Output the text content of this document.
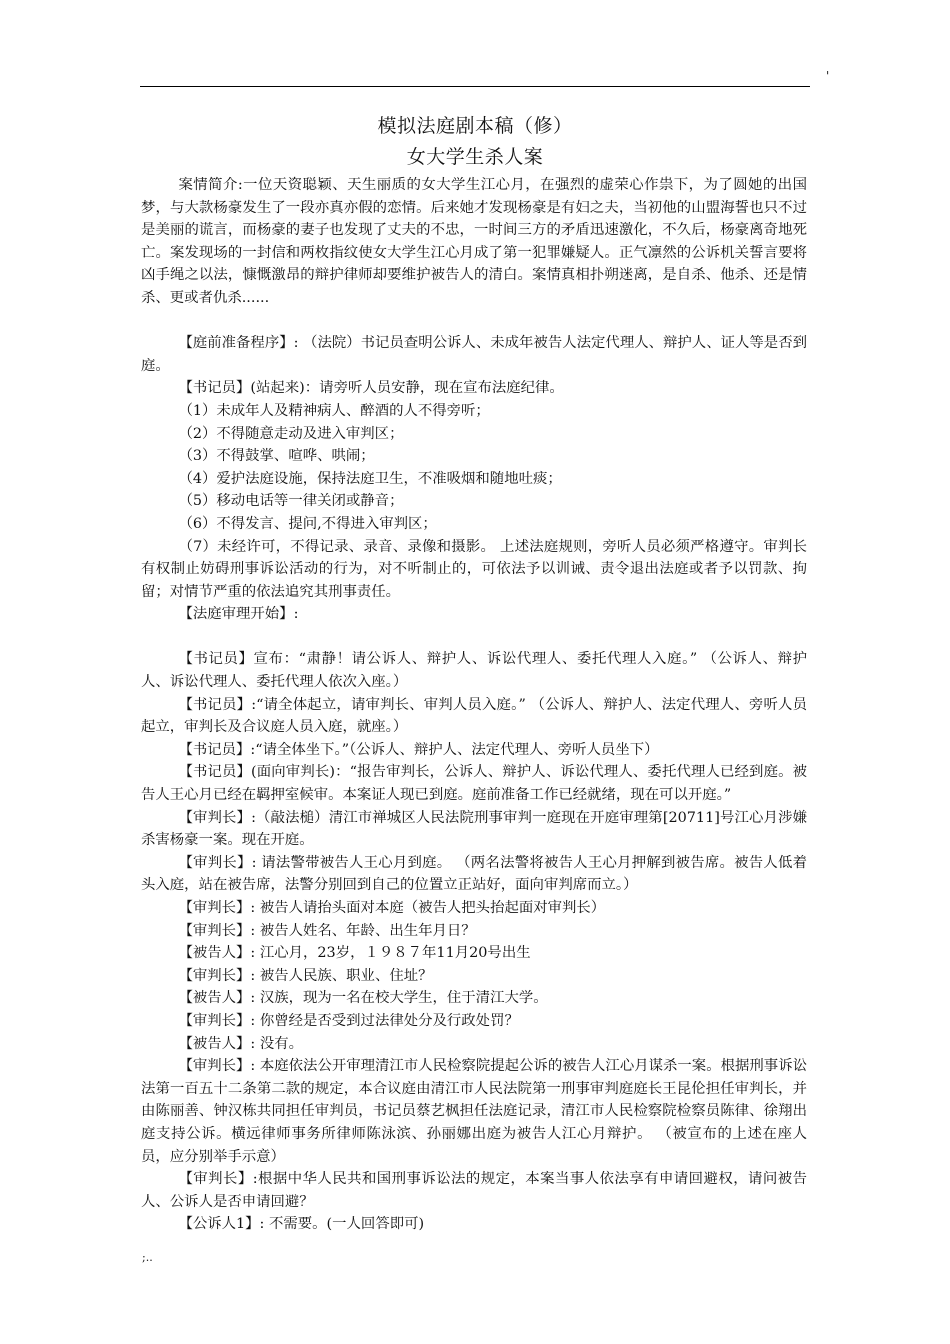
'
模拟法庭剧本稿（修）
女大学生杀人案

案情简介:一位天资聪颖、天生丽质的女大学生江心月，在强烈的虚荣心作祟下，为了圆她的出国梦，与大款杨豪发生了一段亦真亦假的恋情。后来她才发现杨豪是有妇之夫，当初他的山盟海誓也只不过是美丽的谎言，而杨豪的妻子也发现了丈夫的不忠，一时间三方的矛盾迅速激化，不久后，杨豪离奇地死亡。案发现场的一封信和两枚指纹使女大学生江心月成了第一犯罪嫌疑人。正气凛然的公诉机关誓言要将凶手绳之以法，慷慨激昂的辩护律师却要维护被告人的清白。案情真相扑朔迷离，是自杀、他杀、还是情杀、更或者仇杀......

【庭前准备程序】: （法院）书记员查明公诉人、未成年被告人法定代理人、辩护人、证人等是否到庭。

【书记员】(站起来)：请旁听人员安静，现在宣布法庭纪律。

（1）未成年人及精神病人、醉酒的人不得旁听；

（2）不得随意走动及进入审判区；

（3）不得鼓掌、喧哗、哄闹；

（4）爱护法庭设施，保持法庭卫生，不准吸烟和随地吐痰；

（5）移动电话等一律关闭或静音；

（6）不得发言、提问,不得进入审判区；

（7）未经许可，不得记录、录音、录像和摄影。 上述法庭规则，旁听人员必须严格遵守。审判长有权制止妨碍刑事诉讼活动的行为，对不听制止的，可依法予以训诫、责令退出法庭或者予以罚款、拘留；对情节严重的依法追究其刑事责任。

【法庭审理开始】:

【书记员】宣布：“肃静！请公诉人、辩护人、诉讼代理人、委托代理人入庭。” （公诉人、辩护人、诉讼代理人、委托代理人依次入座。）

【书记员】:“请全体起立，请审判长、审判人员入庭。” （公诉人、辩护人、法定代理人、旁听人员起立，审判长及合议庭人员入庭，就座。）

【书记员】:“请全体坐下。”（公诉人、辩护人、法定代理人、旁听人员坐下）

【书记员】(面向审判长)：“报告审判长，公诉人、辩护人、诉讼代理人、委托代理人已经到庭。被告人王心月已经在羁押室候审。本案证人现已到庭。庭前准备工作已经就绪，现在可以开庭。”

【审判长】:（敲法槌）清江市禅城区人民法院刑事审判一庭现在开庭审理第[20711]号江心月涉嫌杀害杨豪一案。现在开庭。

【审判长】: 请法警带被告人王心月到庭。 （两名法警将被告人王心月押解到被告席。被告人低着头入庭，站在被告席，法警分别回到自己的位置立正站好，面向审判席而立。）

【审判长】: 被告人请抬头面对本庭（被告人把头抬起面对审判长）

【审判长】: 被告人姓名、年龄、出生年月日？

【被告人】: 江心月，23岁，１９８７年11月20号出生

【审判长】: 被告人民族、职业、住址？

【被告人】: 汉族，现为一名在校大学生，住于清江大学。

【审判长】: 你曾经是否受到过法律处分及行政处罚？

【被告人】: 没有。

【审判长】: 本庭依法公开审理清江市人民检察院提起公诉的被告人江心月谋杀一案。根据刑事诉讼法第一百五十二条第二款的规定，本合议庭由清江市人民法院第一刑事审判庭庭长王昆伦担任审判长，并由陈丽善、钟汉栋共同担任审判员，书记员蔡艺枫担任法庭记录，清江市人民检察院检察员陈律、徐翔出庭支持公诉。横远律师事务所律师陈泳滨、孙丽娜出庭为被告人江心月辩护。 （被宣布的上述在座人员，应分别举手示意）

【审判长】:根据中华人民共和国刑事诉讼法的规定，本案当事人依法享有申请回避权，请问被告人、公诉人是否申请回避？

【公诉人1】: 不需要。(一人回答即可)

;..
